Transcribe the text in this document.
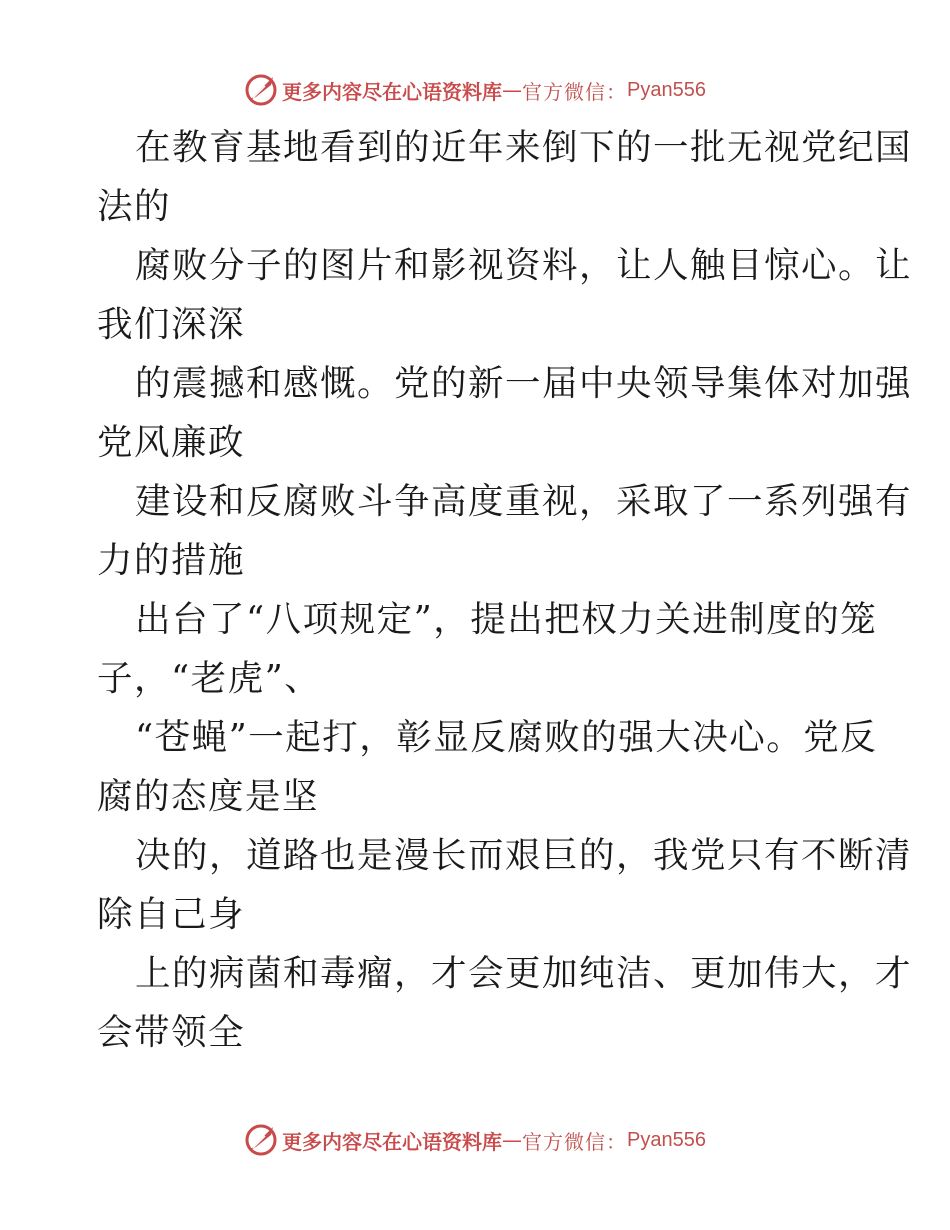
更多内容尽在心语资料库 — 官方微信： Pyan556
在教育基地看到的近年来倒下的一批无视党纪国
法的
腐败分子的图片和影视资料，让人触目惊心。让
我们深深
的震撼和感慨。党的新一届中央领导集体对加强
党风廉政
建设和反腐败斗争高度重视，采取了一系列强有
力的措施
出台了“八项规定”，提出把权力关进制度的笼
子，“老虎”、
“苍蝇”一起打，彰显反腐败的强大决心。党反
腐的态度是坚
决的，道路也是漫长而艰巨的，我党只有不断清
除自己身
上的病菌和毒瘤，才会更加纯洁、更加伟大，才
会带领全
更多内容尽在心语资料库 — 官方微信： Pyan556
